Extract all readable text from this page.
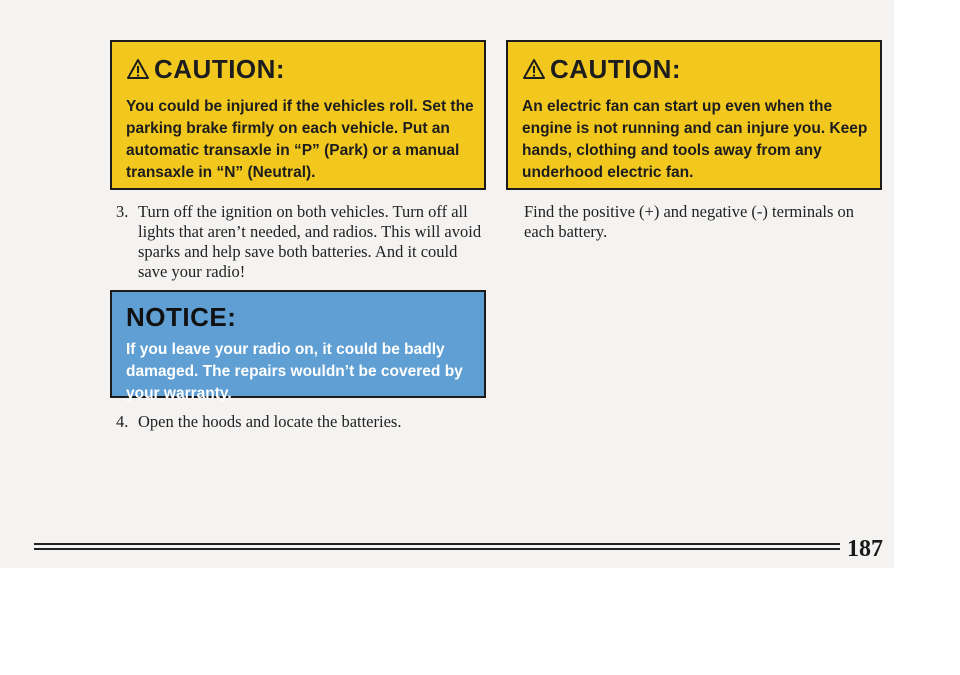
CAUTION:
You could be injured if the vehicles roll. Set the parking brake firmly on each vehicle. Put an automatic transaxle in “P” (Park) or a manual transaxle in “N” (Neutral).
CAUTION:
An electric fan can start up even when the engine is not running and can injure you. Keep hands, clothing and tools away from any underhood electric fan.
3. Turn off the ignition on both vehicles. Turn off all lights that aren’t needed, and radios. This will avoid sparks and help save both batteries. And it could save your radio!
Find the positive (+) and negative (-) terminals on each battery.
NOTICE:
If you leave your radio on, it could be badly damaged. The repairs wouldn’t be covered by your warranty.
4. Open the hoods and locate the batteries.
187
